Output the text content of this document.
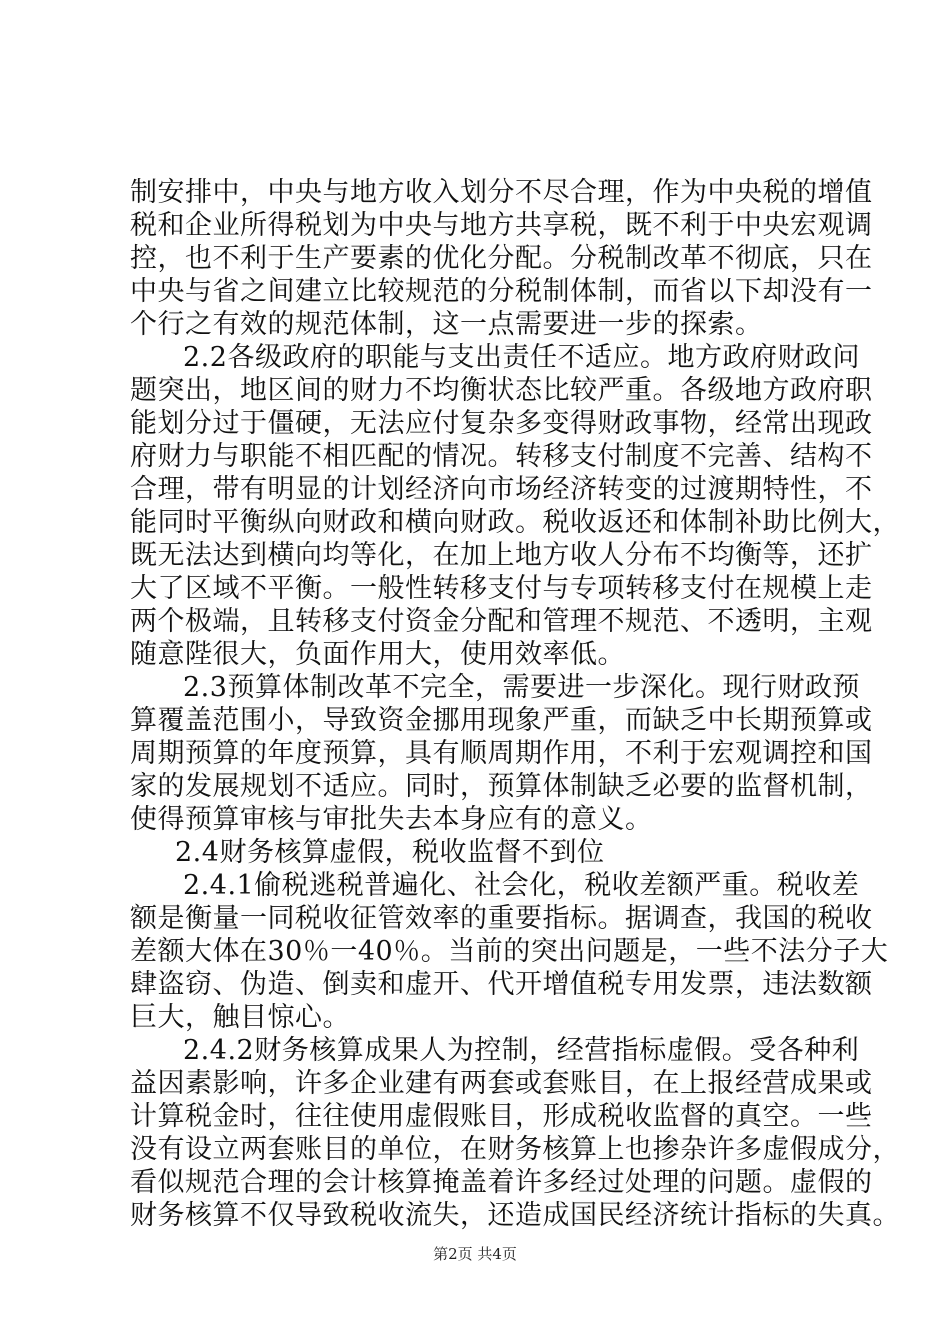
制安排中，中央与地方收入划分不尽合理，作为中央税的增值
税和企业所得税划为中央与地方共享税，既不利于中央宏观调
控，也不利于生产要素的优化分配。分税制改革不彻底，只在
中央与省之间建立比较规范的分税制体制，而省以下却没有一
个行之有效的规范体制，这一点需要进一步的探索。
2.2各级政府的职能与支出责任不适应。地方政府财政问
题突出，地区间的财力不均衡状态比较严重。各级地方政府职
能划分过于僵硬，无法应付复杂多变得财政事物，经常出现政
府财力与职能不相匹配的情况。转移支付制度不完善、结构不
合理，带有明显的计划经济向市场经济转变的过渡期特性，不
能同时平衡纵向财政和横向财政。税收返还和体制补助比例大，
既无法达到横向均等化，在加上地方收人分布不均衡等，还扩
大了区域不平衡。一般性转移支付与专项转移支付在规模上走
两个极端，且转移支付资金分配和管理不规范、不透明，主观
随意陛很大，负面作用大，使用效率低。
2.3预算体制改革不完全，需要进一步深化。现行财政预
算覆盖范围小，导致资金挪用现象严重，而缺乏中长期预算或
周期预算的年度预算，具有顺周期作用，不利于宏观调控和国
家的发展规划不适应。同时，预算体制缺乏必要的监督机制，
使得预算审核与审批失去本身应有的意义。
2.4财务核算虚假，税收监督不到位
2.4.1偷税逃税普遍化、社会化，税收差额严重。税收差
额是衡量一同税收征管效率的重要指标。据调查，我国的税收
差额大体在30％一40％。当前的突出问题是，一些不法分子大
肆盗窃、伪造、倒卖和虚开、代开增值税专用发票，违法数额
巨大，触目惊心。
2.4.2财务核算成果人为控制，经营指标虚假。受各种利
益因素影响，许多企业建有两套或套账目，在上报经营成果或
计算税金时，往往使用虚假账目，形成税收监督的真空。一些
没有设立两套账目的单位，在财务核算上也掺杂许多虚假成分，
看似规范合理的会计核算掩盖着许多经过处理的问题。虚假的
财务核算不仅导致税收流失，还造成国民经济统计指标的失真。
第2页 共4页
